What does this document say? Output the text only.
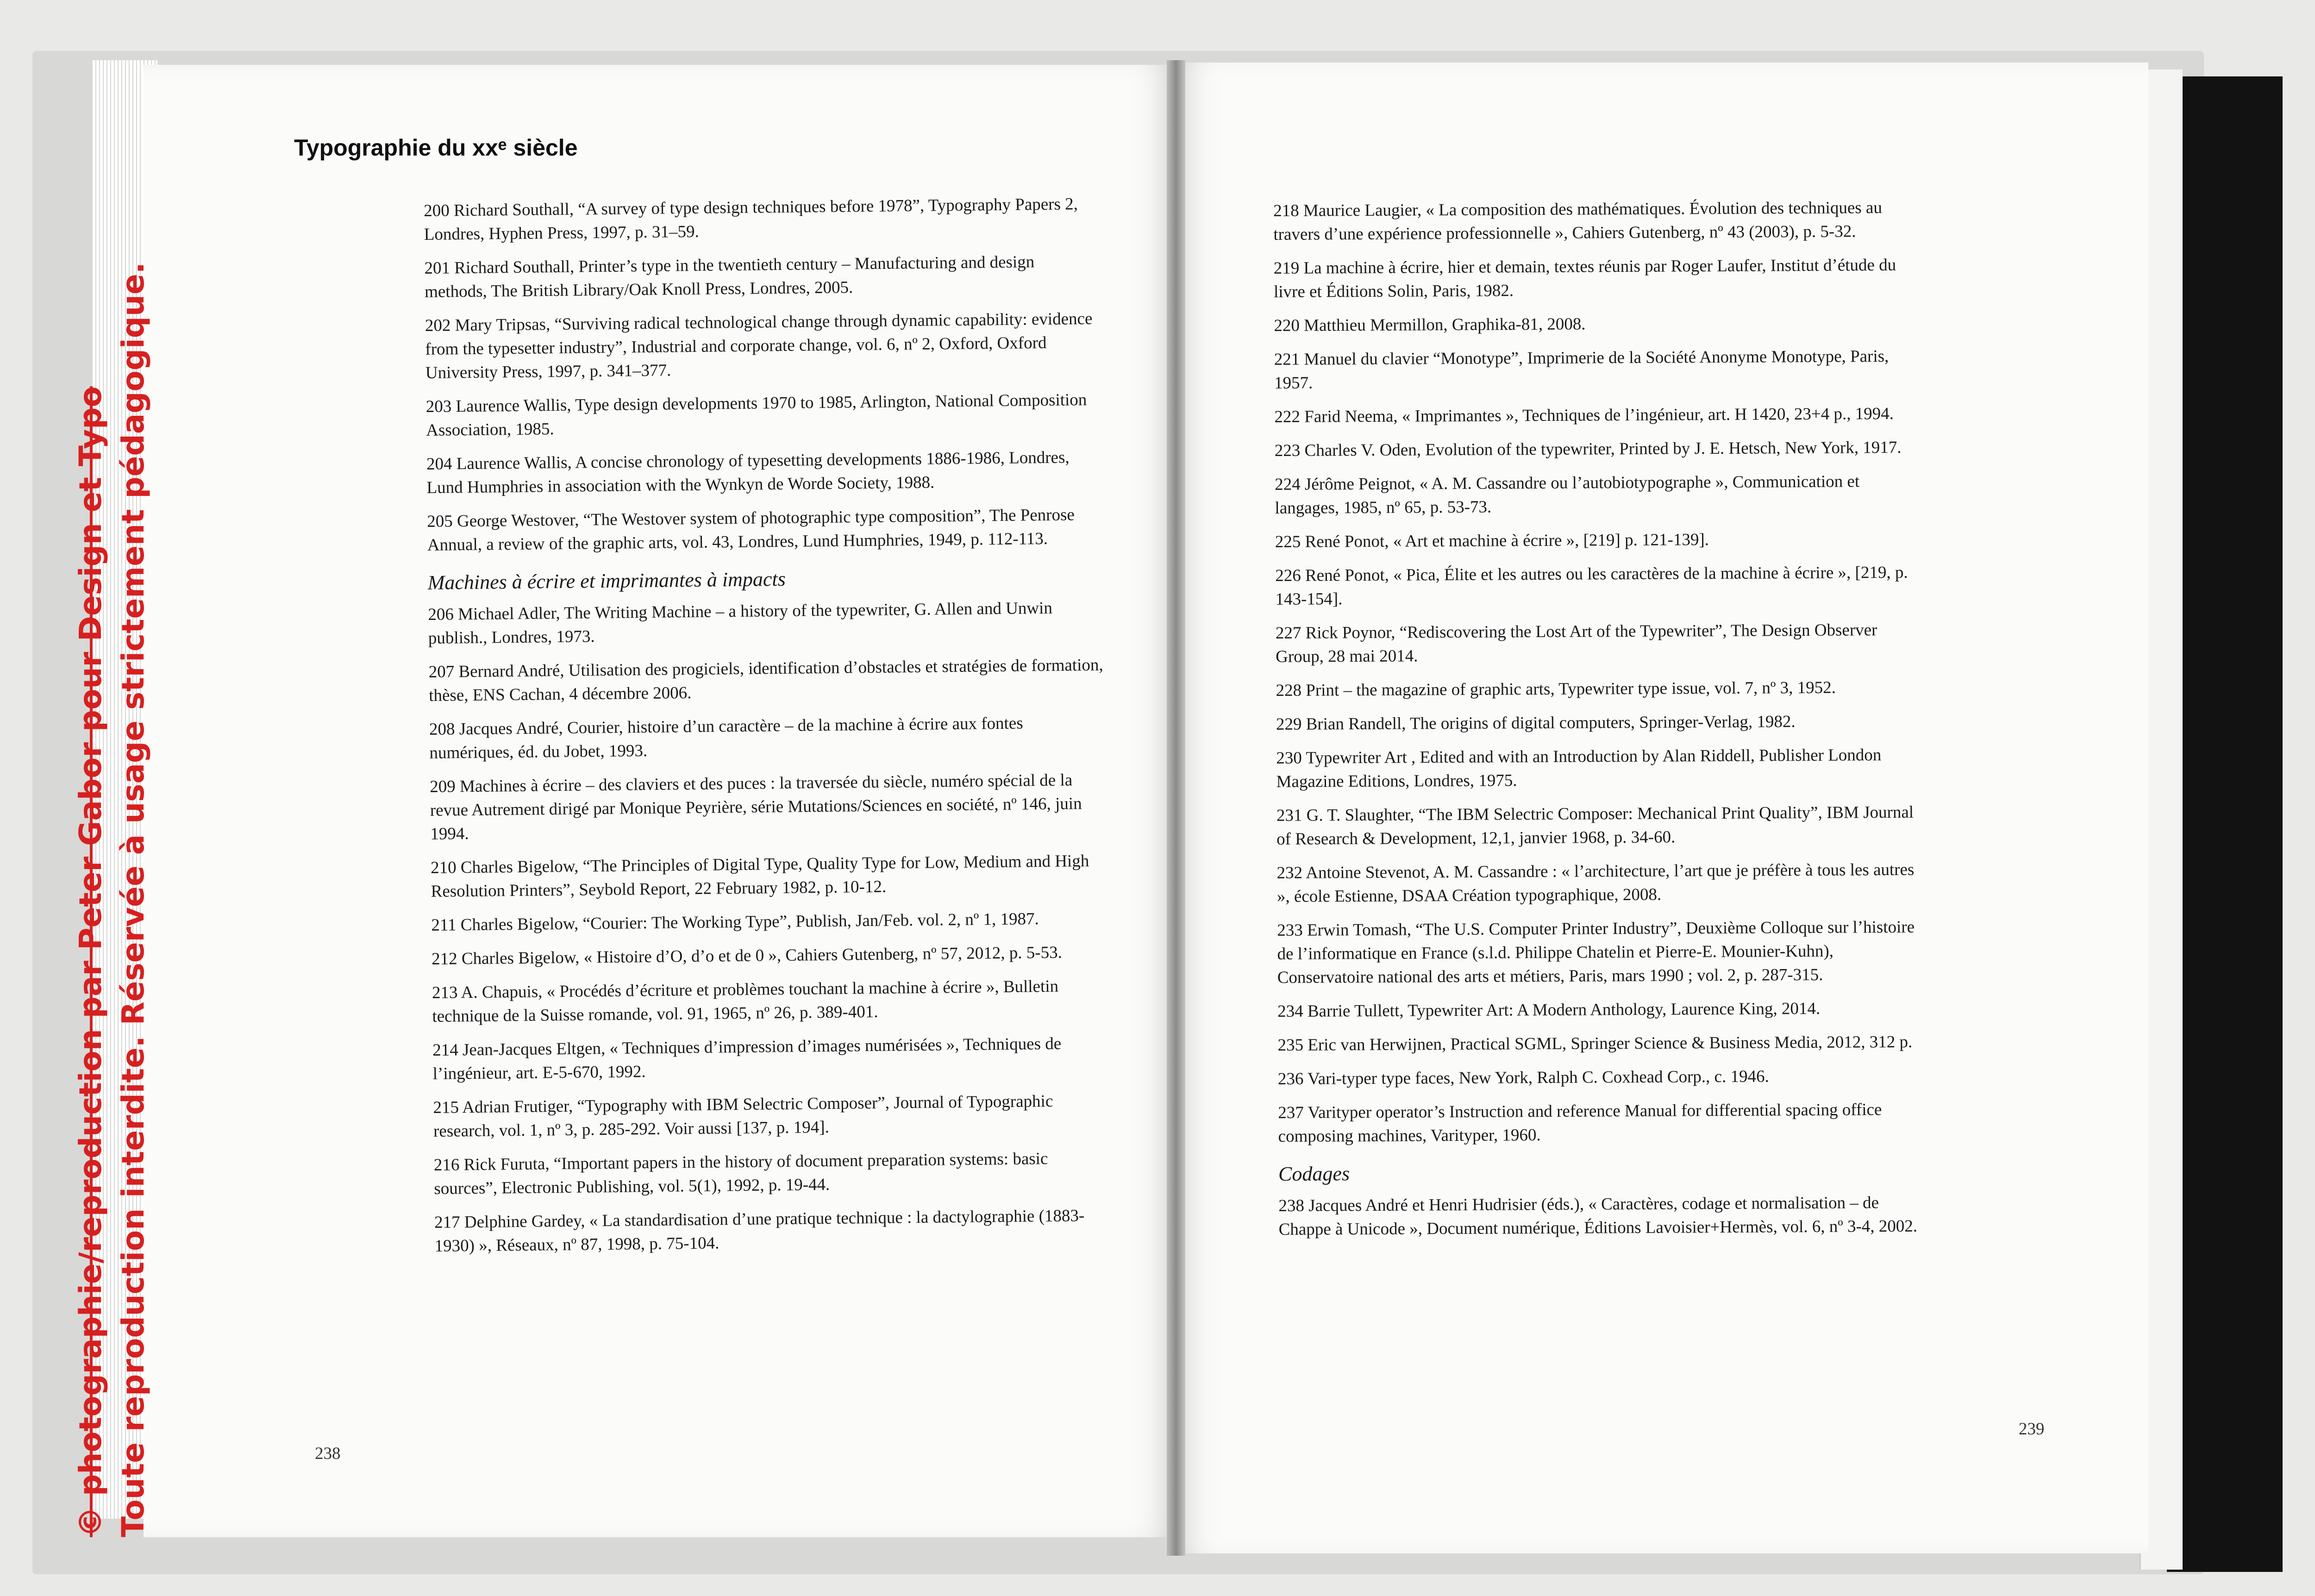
Typographie du xxᵉ siècle
200 Richard Southall, “A survey of type design techniques before 1978”, Typography Papers 2, Londres, Hyphen Press, 1997, p. 31–59.
201 Richard Southall, Printer’s type in the twentieth century – Manufacturing and design methods, The British Library/Oak Knoll Press, Londres, 2005.
202 Mary Tripsas, “Surviving radical technological change through dynamic capability: evidence from the typesetter industry”, Industrial and corporate change, vol. 6, nº 2, Oxford, Oxford University Press, 1997, p. 341–377.
203 Laurence Wallis, Type design developments 1970 to 1985, Arlington, National Composition Association, 1985.
204 Laurence Wallis, A concise chronology of typesetting developments 1886-1986, Londres, Lund Humphries in association with the Wynkyn de Worde Society, 1988.
205 George Westover, “The Westover system of photographic type composition”, The Penrose Annual, a review of the graphic arts, vol. 43, Londres, Lund Humphries, 1949, p. 112-113.
Machines à écrire et imprimantes à impacts
206 Michael Adler, The Writing Machine – a history of the typewriter, G. Allen and Unwin publish., Londres, 1973.
207 Bernard André, Utilisation des progiciels, identification d’obstacles et stratégies de formation, thèse, ENS Cachan, 4 décembre 2006.
208 Jacques André, Courier, histoire d’un caractère – de la machine à écrire aux fontes numériques, éd. du Jobet, 1993.
209 Machines à écrire – des claviers et des puces : la traversée du siècle, numéro spécial de la revue Autrement dirigé par Monique Peyrière, série Mutations/Sciences en société, nº 146, juin 1994.
210 Charles Bigelow, “The Principles of Digital Type, Quality Type for Low, Medium and High Resolution Printers”, Seybold Report, 22 February 1982, p. 10-12.
211 Charles Bigelow, “Courier: The Working Type”, Publish, Jan/Feb. vol. 2, nº 1, 1987.
212 Charles Bigelow, « Histoire d’O, d’o et de 0 », Cahiers Gutenberg, nº 57, 2012, p. 5-53.
213 A. Chapuis, « Procédés d’écriture et problèmes touchant la machine à écrire », Bulletin technique de la Suisse romande, vol. 91, 1965, nº 26, p. 389-401.
214 Jean-Jacques Eltgen, « Techniques d’impression d’images numérisées », Techniques de l’ingénieur, art. E-5-670, 1992.
215 Adrian Frutiger, “Typography with IBM Selectric Composer”, Journal of Typographic research, vol. 1, nº 3, p. 285-292. Voir aussi [137, p. 194].
216 Rick Furuta, “Important papers in the history of document preparation systems: basic sources”, Electronic Publishing, vol. 5(1), 1992, p. 19-44.
217 Delphine Gardey, « La standardisation d’une pratique technique : la dactylographie (1883-1930) », Réseaux, nº 87, 1998, p. 75-104.
218 Maurice Laugier, « La composition des mathématiques. Évolution des techniques au travers d’une expérience professionnelle », Cahiers Gutenberg, nº 43 (2003), p. 5-32.
219 La machine à écrire, hier et demain, textes réunis par Roger Laufer, Institut d’étude du livre et Éditions Solin, Paris, 1982.
220 Matthieu Mermillon, Graphika-81, 2008.
221 Manuel du clavier “Monotype”, Imprimerie de la Société Anonyme Monotype, Paris, 1957.
222 Farid Neema, « Imprimantes », Techniques de l’ingénieur, art. H 1420, 23+4 p., 1994.
223 Charles V. Oden, Evolution of the typewriter, Printed by J. E. Hetsch, New York, 1917.
224 Jérôme Peignot, « A. M. Cassandre ou l’autobiotypographe », Communication et langages, 1985, nº 65, p. 53-73.
225 René Ponot, « Art et machine à écrire », [219] p. 121-139].
226 René Ponot, « Pica, Élite et les autres ou les caractères de la machine à écrire », [219, p. 143-154].
227 Rick Poynor, “Rediscovering the Lost Art of the Typewriter”, The Design Observer Group, 28 mai 2014.
228 Print – the magazine of graphic arts, Typewriter type issue, vol. 7, nº 3, 1952.
229 Brian Randell, The origins of digital computers, Springer-Verlag, 1982.
230 Typewriter Art , Edited and with an Introduction by Alan Riddell, Publisher London Magazine Editions, Londres, 1975.
231 G. T. Slaughter, “The IBM Selectric Composer: Mechanical Print Quality”, IBM Journal of Research & Development, 12,1, janvier 1968, p. 34-60.
232 Antoine Stevenot, A. M. Cassandre : « l’architecture, l’art que je préfère à tous les autres », école Estienne, DSAA Création typographique, 2008.
233 Erwin Tomash, “The U.S. Computer Printer Industry”, Deuxième Colloque sur l’histoire de l’informatique en France (s.l.d. Philippe Chatelin et Pierre-E. Mounier-Kuhn), Conservatoire national des arts et métiers, Paris, mars 1990 ; vol. 2, p. 287-315.
234 Barrie Tullett, Typewriter Art: A Modern Anthology, Laurence King, 2014.
235 Eric van Herwijnen, Practical SGML, Springer Science & Business Media, 2012, 312 p.
236 Vari-typer type faces, New York, Ralph C. Coxhead Corp., c. 1946.
237 Varityper operator’s Instruction and reference Manual for differential spacing office composing machines, Varityper, 1960.
Codages
238 Jacques André et Henri Hudrisier (éds.), « Caractères, codage et normalisation – de Chappe à Unicode », Document numérique, Éditions Lavoisier+Hermès, vol. 6, nº 3-4, 2002.
238
239
© photographie/reproduction par Peter Gabor pour Design et Typo Toute reproduction interdite. Réservée à usage strictement pédagogique.
